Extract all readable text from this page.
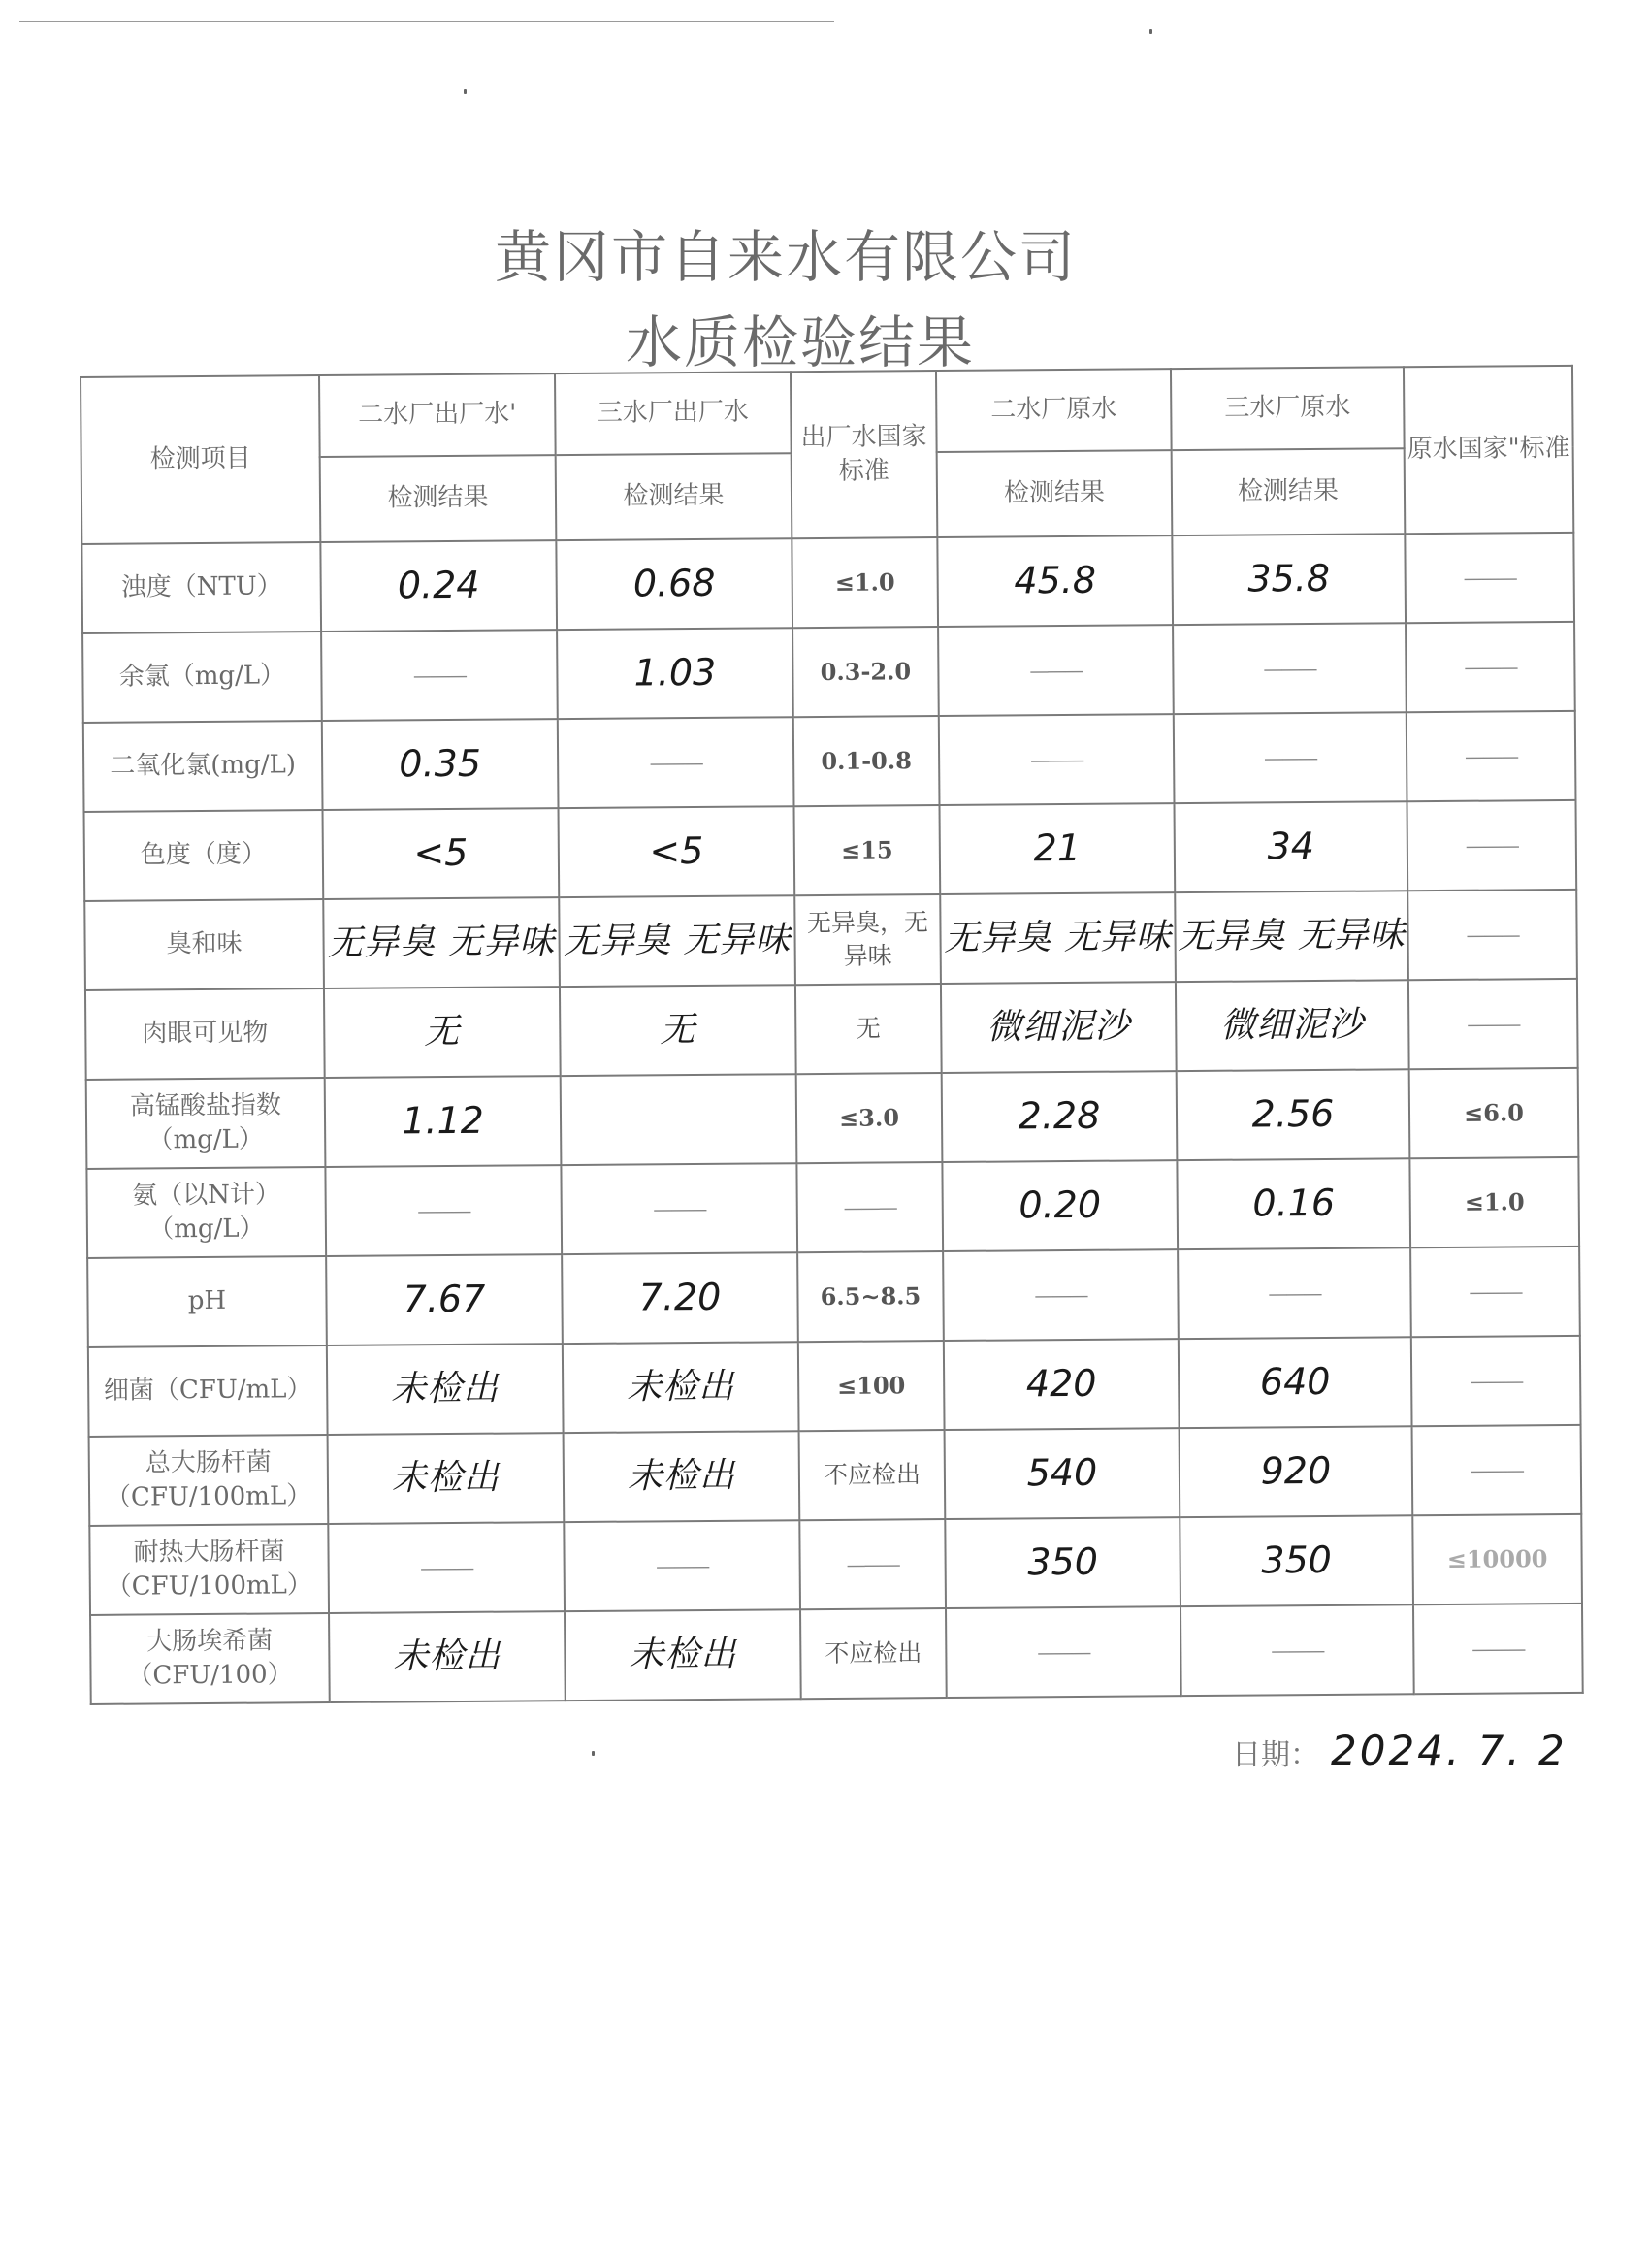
黄冈市自来水有限公司
水质检验结果
检测项目	二水厂出厂水'	三水厂出厂水	出厂水国家标准	二水厂原水	三水厂原水	原水国家"标准
	检测结果	检测结果		检测结果	检测结果	
浊度（NTU）	0.24	0.68	≤1.0	45.8	35.8	———
余氯（mg/L）	———	1.03	0.3-2.0	———	———	———
二氧化氯(mg/L)	0.35	———	0.1-0.8	———	———	———
色度（度）	<5	<5	≤15	21	34	———
臭和味	无异臭 无异味	无异臭 无异味	无异臭，无异味	无异臭 无异味	无异臭 无异味	———
肉眼可见物	无	无	无	微细泥沙	微细泥沙	———
高锰酸盐指数（mg/L）	1.12		≤3.0	2.28	2.56	≤6.0
氨（以N计）（mg/L）	———	———	———	0.20	0.16	≤1.0
pH	7.67	7.20	6.5~8.5	———	———	———
细菌（CFU/mL）	未检出	未检出	≤100	420	640	———
总大肠杆菌（CFU/100mL）	未检出	未检出	不应检出	540	920	———
耐热大肠杆菌（CFU/100mL）	———	———	———	350	350	≤10000
大肠埃希菌（CFU/100）	未检出	未检出	不应检出	———	———	———
日期： 2024. 7. 2
